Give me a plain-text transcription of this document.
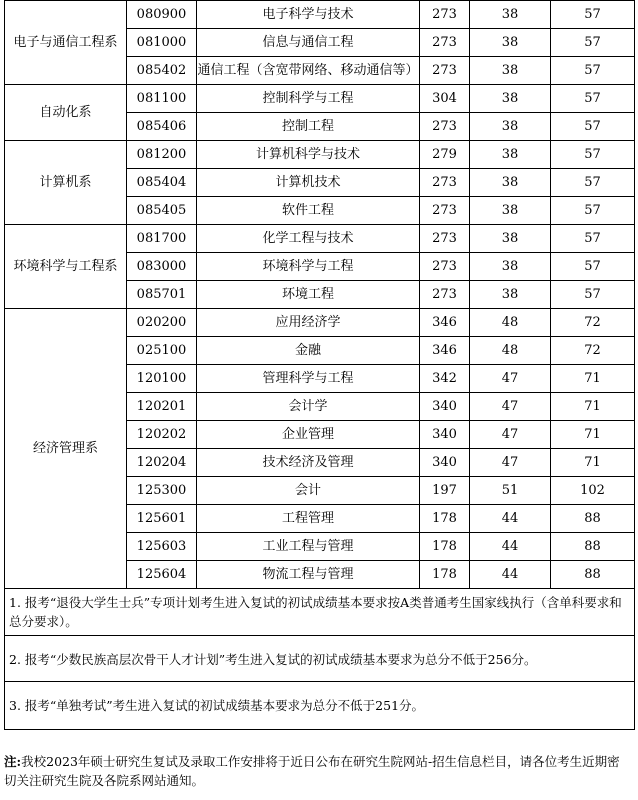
电子与通信工程系	080900	电子科学与技术	273	38	57
	081000	信息与通信工程	273	38	57
	085402	通信工程（含宽带网络、移动通信等）	273	38	57
自动化系	081100	控制科学与工程	304	38	57
	085406	控制工程	273	38	57
计算机系	081200	计算机科学与技术	279	38	57
	085404	计算机技术	273	38	57
	085405	软件工程	273	38	57
环境科学与工程系	081700	化学工程与技术	273	38	57
	083000	环境科学与工程	273	38	57
	085701	环境工程	273	38	57
经济管理系	020200	应用经济学	346	48	72
	025100	金融	346	48	72
	120100	管理科学与工程	342	47	71
	120201	会计学	340	47	71
	120202	企业管理	340	47	71
	120204	技术经济及管理	340	47	71
	125300	会计	197	51	102
	125601	工程管理	178	44	88
	125603	工业工程与管理	178	44	88
	125604	物流工程与管理	178	44	88

1. 报考“退役大学生士兵”专项计划考生进入复试的初试成绩基本要求按A类普通考生国家线执行（含单科要求和总分要求）。					

2. 报考“少数民族高层次骨干人才计划”考生进入复试的初试成绩基本要求为总分不低于256分。					

3. 报考“单独考试”考生进入复试的初试成绩基本要求为总分不低于251分。					
注:我校2023年硕士研究生复试及录取工作安排将于近日公布在研究生院网站-招生信息栏目，请各位考生近期密切关注研究生院及各院系网站通知。
